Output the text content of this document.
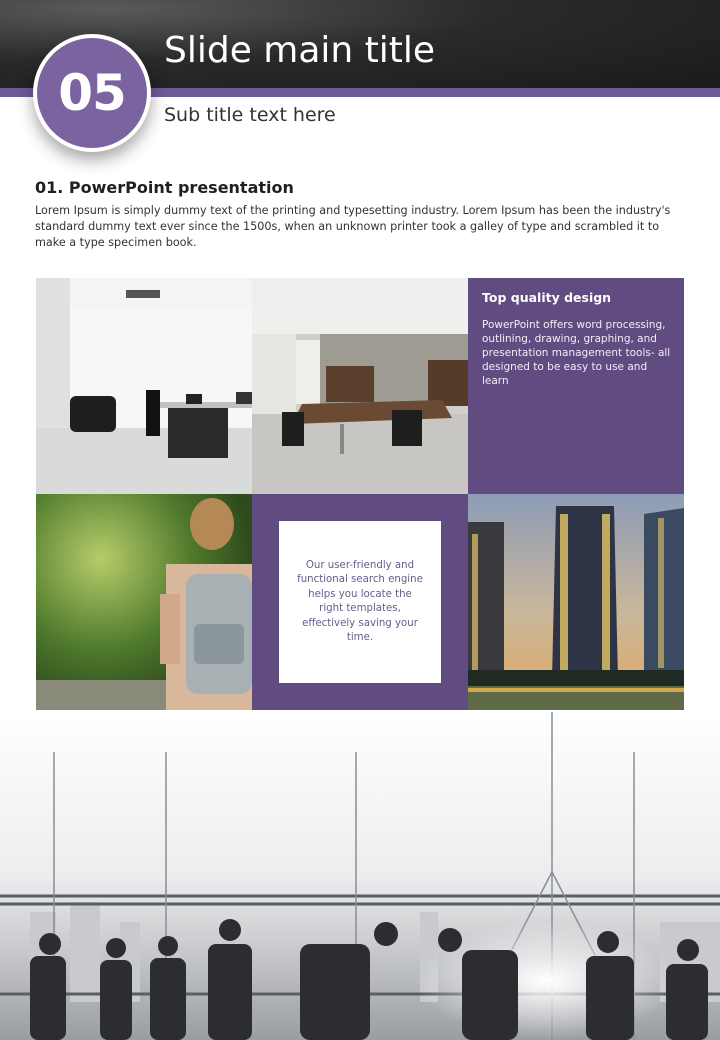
05
Slide main title
Sub title text here
01. PowerPoint presentation
Lorem Ipsum is simply dummy text of the printing and typesetting industry. Lorem Ipsum has been the industry's standard dummy text ever since the 1500s, when an unknown printer took a galley of type and scrambled it to make a type specimen book.
Top quality design
PowerPoint offers word processing, outlining, drawing, graphing, and presentation management tools- all designed to be easy to use and learn
Our user-friendly and functional search engine helps you locate the right templates, effectively saving your time.
